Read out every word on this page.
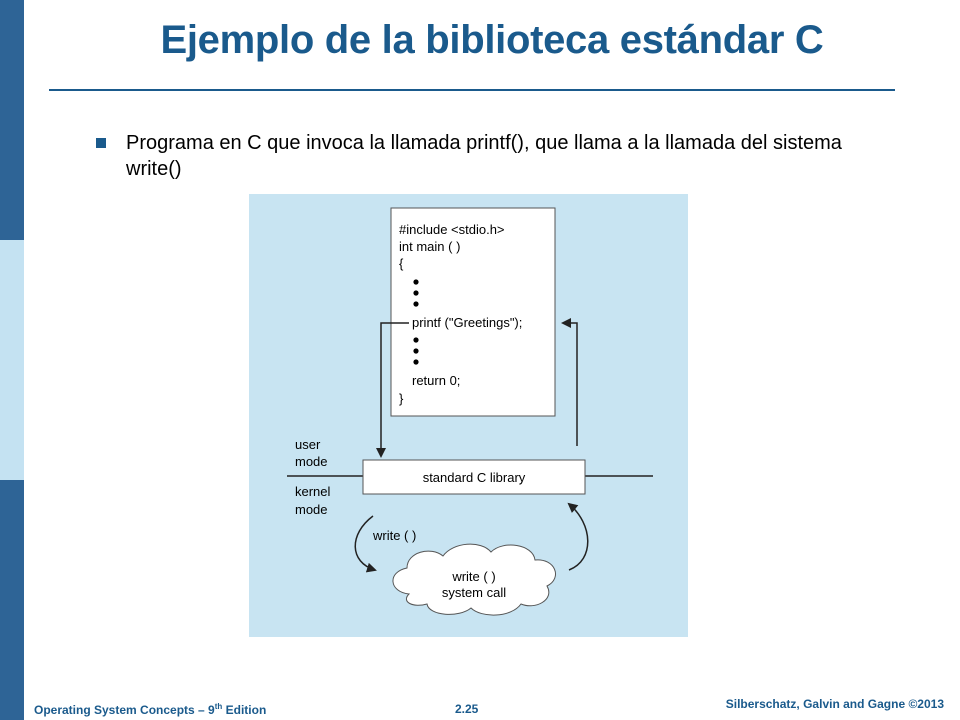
Ejemplo de la biblioteca estándar C
Programa en C que invoca la llamada printf(), que llama a la llamada del sistema write()
#include <stdio.h>
int main ( )
{
printf ("Greetings");
return 0;
}
user
mode
kernel
mode
standard C library
write ( )
write ( )
system call
Operating System Concepts – 9th Edition	2.25	Silberschatz, Galvin and Gagne ©2013
